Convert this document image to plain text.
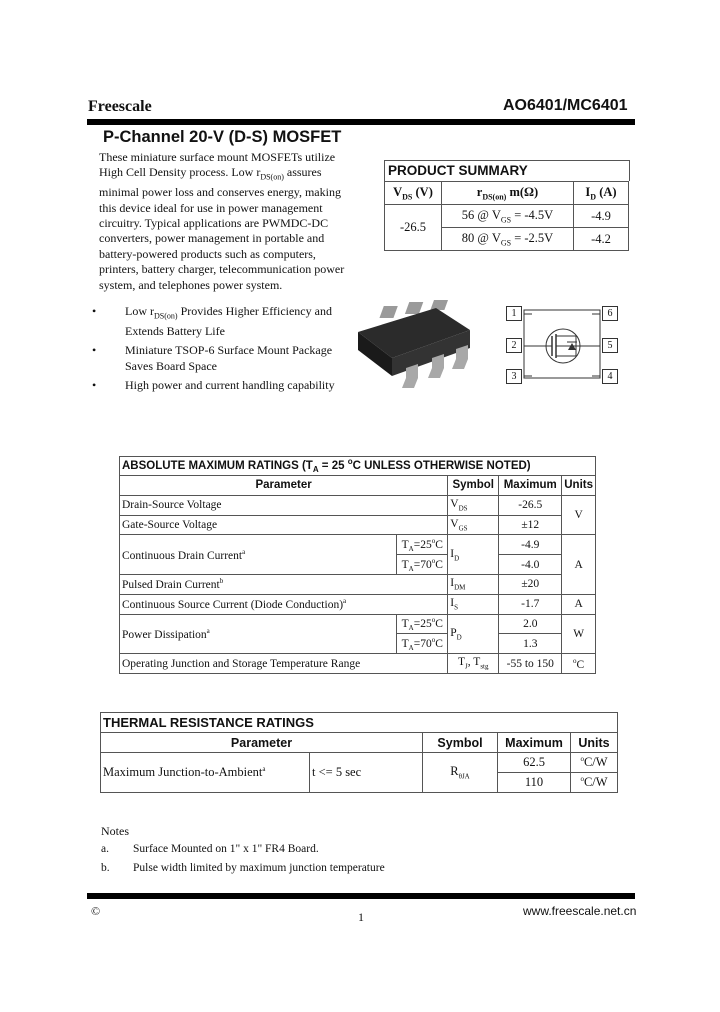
Freescale	AO6401/MC6401
P-Channel 20-V (D-S) MOSFET
These miniature surface mount MOSFETs utilize
High Cell Density process. Low $r_{DS(on)}$ assures
minimal power loss and conserves energy, making
this device ideal for use in power management
circuitry. Typical applications are PWMDC-DC
converters, power management in portable and
battery-powered products such as computers,
printers, battery charger, telecommunication power
system, and telephones power system.
• Low $r_{DS(on)}$ Provides Higher Efficiency and
Extends Battery Life
• Miniature TSOP-6 Surface Mount Package
Saves Board Space
• High power and current handling capability
PRODUCT SUMMARY
$V_{DS}$ (V)	$r_{DS(on)}$ m(Ω)	$I_D$ (A)
-26.5	56 @ $V_{GS} = -4.5V$	-4.9
	80 @ $V_{GS} = -2.5V$	-4.2
1
2
3
6
5
4
ABSOLUTE MAXIMUM RATINGS ($T_A = 25$ $^o$C UNLESS OTHERWISE NOTED)				
Parameter		Symbol	Maximum	Units
Drain-Source Voltage		$V_{DS}$	-26.5	V
Gate-Source Voltage		$V_{GS}$	±12	
Continuous Drain Current$^a$	$T_A=25^oC$	$I_D$	-4.9	A
	$T_A=70^oC$		-4.0	
Pulsed Drain Current$^b$		$I_{DM}$	±20	
Continuous Source Current (Diode Conduction)$^a$		$I_S$	-1.7	A
Power Dissipation$^a$	$T_A=25^oC$	$P_D$	2.0	W
	$T_A=70^oC$		1.3	
Operating Junction and Storage Temperature Range		$T_J$, $T_{stg}$	-55 to 150	$^o$C
THERMAL RESISTANCE RATINGS				
Parameter		Symbol	Maximum	Units
Maximum Junction-to-Ambient$^a$	t <= 5 sec	$R_{\theta JA}$	62.5	$^o$C/W
			110	$^o$C/W
Notes
a. Surface Mounted on 1" x 1" FR4 Board.
b. Pulse width limited by maximum junction temperature
©	1	www.freescale.net.cn
